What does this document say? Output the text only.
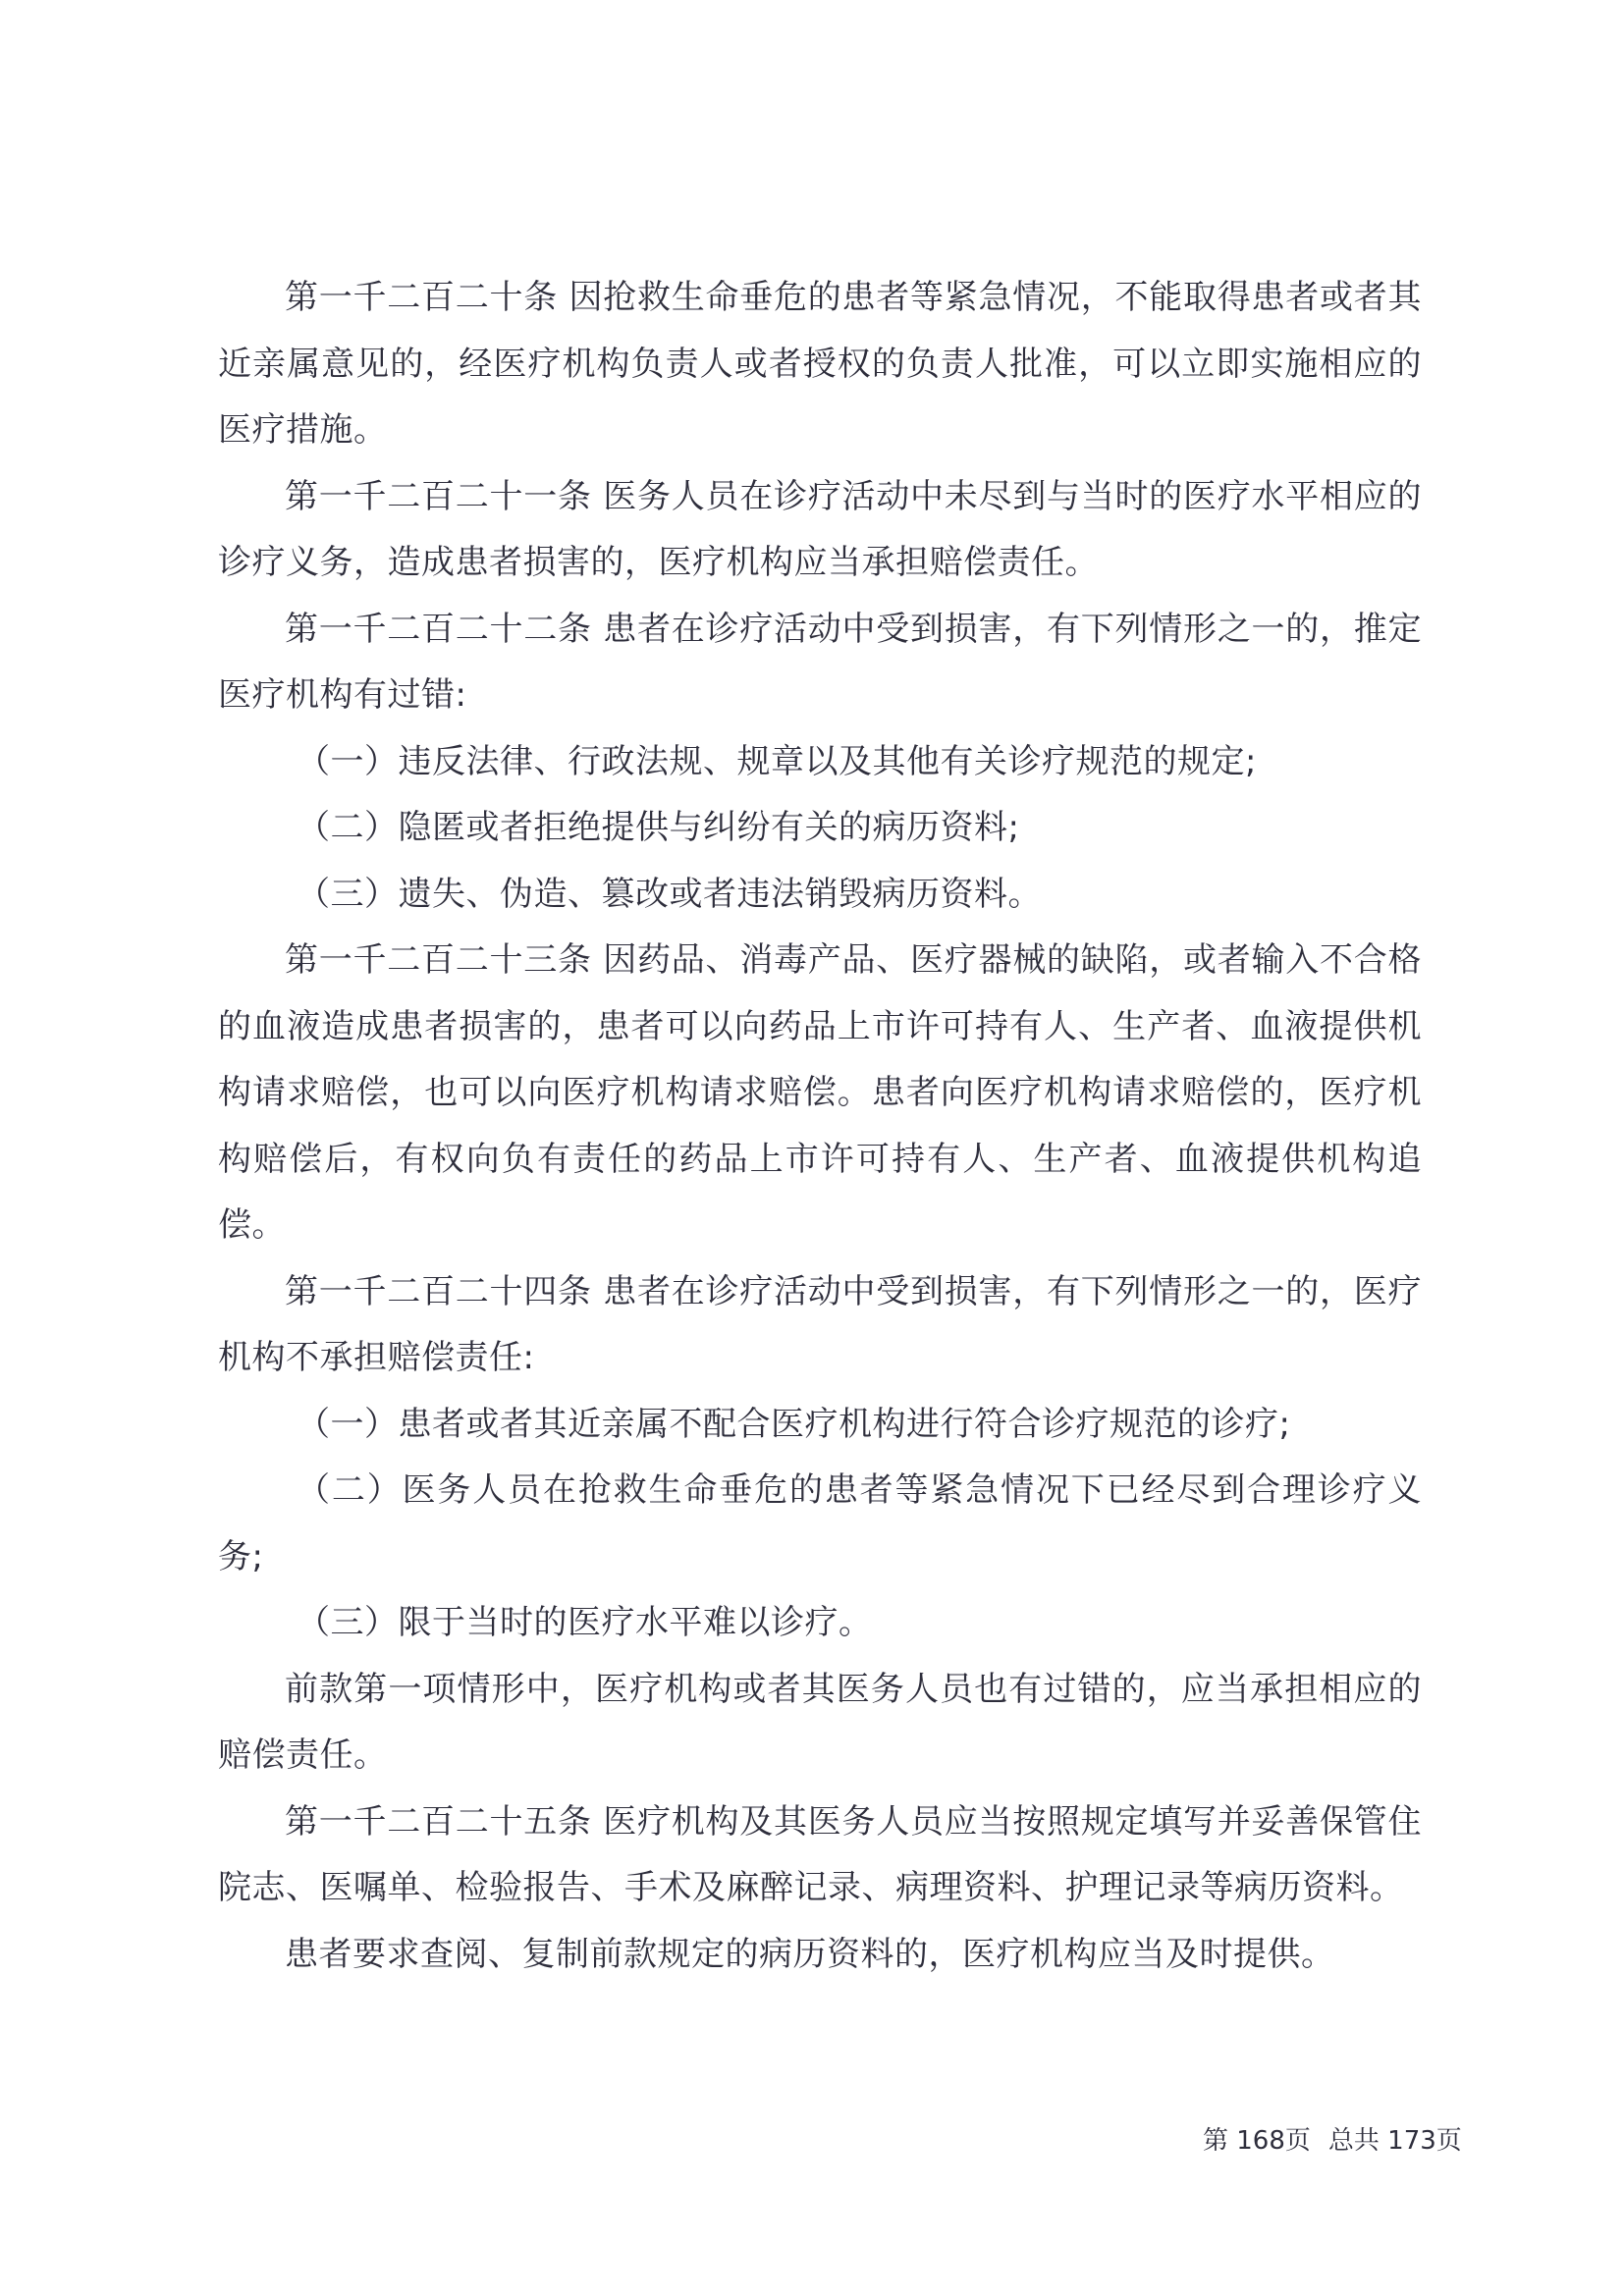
第一千二百二十条 因抢救生命垂危的患者等紧急情况，不能取得患者或者其近亲属意见的，经医疗机构负责人或者授权的负责人批准，可以立即实施相应的医疗措施。

第一千二百二十一条 医务人员在诊疗活动中未尽到与当时的医疗水平相应的诊疗义务，造成患者损害的，医疗机构应当承担赔偿责任。

第一千二百二十二条 患者在诊疗活动中受到损害，有下列情形之一的，推定医疗机构有过错:

（一）违反法律、行政法规、规章以及其他有关诊疗规范的规定;

（二）隐匿或者拒绝提供与纠纷有关的病历资料;

（三）遗失、伪造、篡改或者违法销毁病历资料。

第一千二百二十三条 因药品、消毒产品、医疗器械的缺陷，或者输入不合格的血液造成患者损害的，患者可以向药品上市许可持有人、生产者、血液提供机构请求赔偿，也可以向医疗机构请求赔偿。患者向医疗机构请求赔偿的，医疗机构赔偿后，有权向负有责任的药品上市许可持有人、生产者、血液提供机构追偿。

第一千二百二十四条 患者在诊疗活动中受到损害，有下列情形之一的，医疗机构不承担赔偿责任:

（一）患者或者其近亲属不配合医疗机构进行符合诊疗规范的诊疗;

（二）医务人员在抢救生命垂危的患者等紧急情况下已经尽到合理诊疗义务;

（三）限于当时的医疗水平难以诊疗。

前款第一项情形中，医疗机构或者其医务人员也有过错的，应当承担相应的赔偿责任。

第一千二百二十五条 医疗机构及其医务人员应当按照规定填写并妥善保管住院志、医嘱单、检验报告、手术及麻醉记录、病理资料、护理记录等病历资料。

患者要求查阅、复制前款规定的病历资料的，医疗机构应当及时提供。

第 168页 总共 173页
